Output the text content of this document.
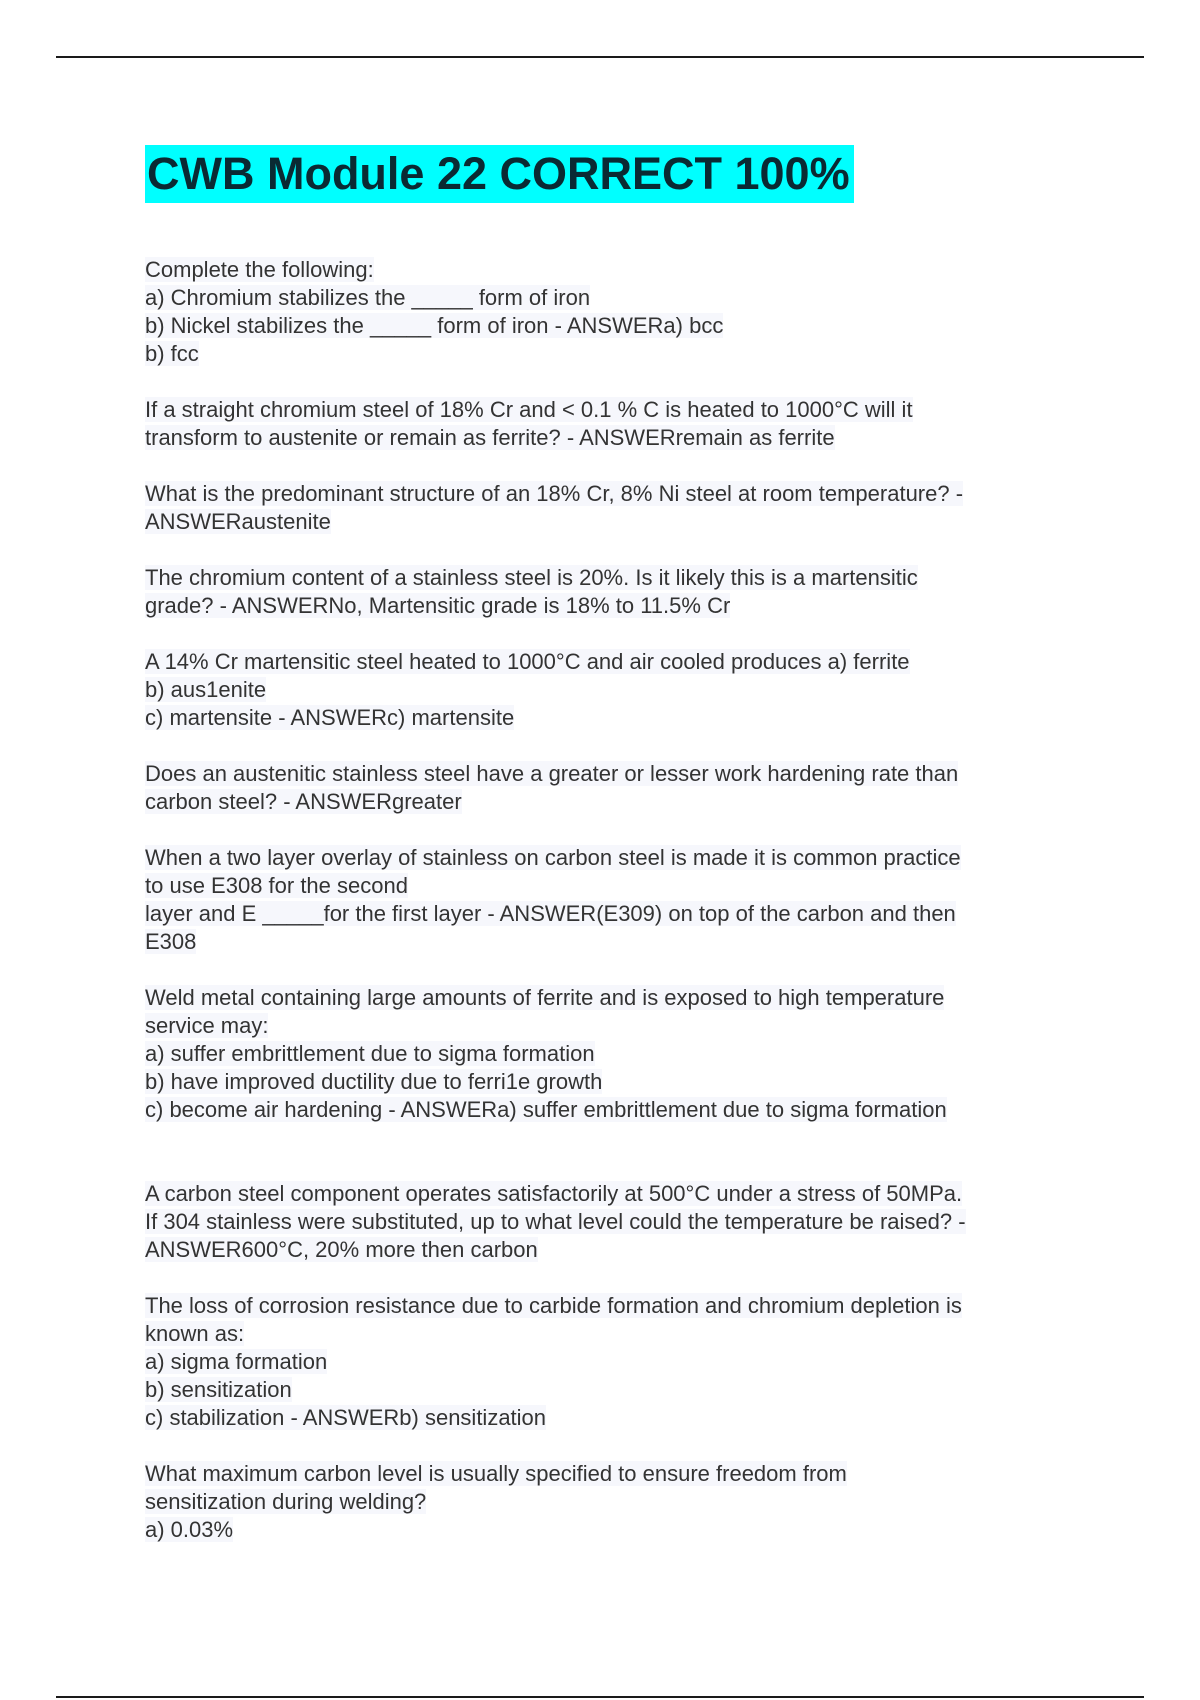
CWB Module 22 CORRECT 100%
Complete the following:
a) Chromium stabilizes the _____ form of iron
b) Nickel stabilizes the _____ form of iron - ANSWERa) bcc
b) fcc
If a straight chromium steel of 18% Cr and < 0.1 % C is heated to 1000°C will it
transform to austenite or remain as ferrite? - ANSWERremain as ferrite
What is the predominant structure of an 18% Cr, 8% Ni steel at room temperature? -
ANSWERaustenite
The chromium content of a stainless steel is 20%. Is it likely this is a martensitic
grade? - ANSWERNo, Martensitic grade is 18% to 11.5% Cr
A 14% Cr martensitic steel heated to 1000°C and air cooled produces a) ferrite
b) aus1enite
c) martensite - ANSWERc) martensite
Does an austenitic stainless steel have a greater or lesser work hardening rate than
carbon steel? - ANSWERgreater
When a two layer overlay of stainless on carbon steel is made it is common practice
to use E308 for the second
layer and E _____for the first layer - ANSWER(E309) on top of the carbon and then
E308
Weld metal containing large amounts of ferrite and is exposed to high temperature
service may:
a) suffer embrittlement due to sigma formation
b) have improved ductility due to ferri1e growth
c) become air hardening - ANSWERa) suffer embrittlement due to sigma formation
A carbon steel component operates satisfactorily at 500°C under a stress of 50MPa.
If 304 stainless were substituted, up to what level could the temperature be raised? -
ANSWER600°C, 20% more then carbon
The loss of corrosion resistance due to carbide formation and chromium depletion is
known as:
a) sigma formation
b) sensitization
c) stabilization - ANSWERb) sensitization
What maximum carbon level is usually specified to ensure freedom from
sensitization during welding?
a) 0.03%
